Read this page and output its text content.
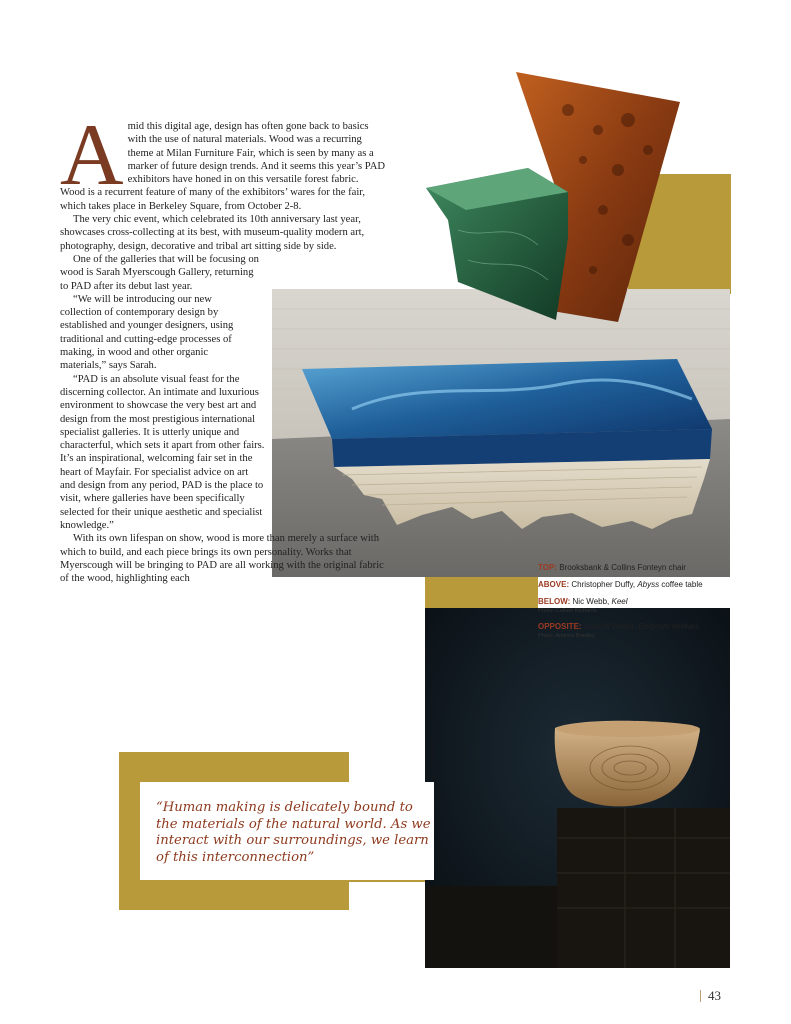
TOP: Brooksbank & Collins Fonteyn chair
ABOVE: Christopher Duffy, Abyss coffee table
BELOW: Nic Webb, Keel
Photo: Callum Richards
OPPOSITE: Joseph Walsh, Enignum shelves
Photo: Andrew Bradley
A mid this digital age, design has often gone back to basics with the use of natural materials. Wood was a recurring theme at Milan Furniture Fair, which is seen by many as a marker of future design trends. And it seems this year’s PAD exhibitors have honed in on this versatile forest fabric. Wood is a recurrent feature of many of the exhibitors’ wares for the fair, which takes place in Berkeley Square, from October 2-8.

The very chic event, which celebrated its 10th anniversary last year, showcases cross-collecting at its best, with museum-quality modern art, photography, design, decorative and tribal art sitting side by side.

One of the galleries that will be focusing on wood is Sarah Myerscough Gallery, returning to PAD after its debut last year.

“We will be introducing our new collection of contemporary design by established and younger designers, using traditional and cutting-edge processes of making, in wood and other organic materials,” says Sarah.

“PAD is an absolute visual feast for the discerning collector. An intimate and luxurious environment to showcase the very best art and design from the most prestigious international specialist galleries. It is utterly unique and characterful, which sets it apart from other fairs. It’s an inspirational, welcoming fair set in the heart of Mayfair. For specialist advice on art and design from any period, PAD is the place to visit, where galleries have been specifically selected for their unique aesthetic and specialist knowledge.”

With its own lifespan on show, wood is more than merely a surface with which to build, and each piece brings its own personality. Works that Myerscough will be bringing to PAD are all working with the original fabric of the wood, highlighting each

“Human making is delicately bound to the materials of the natural world. As we interact with our surroundings, we learn of this interconnection”
43
